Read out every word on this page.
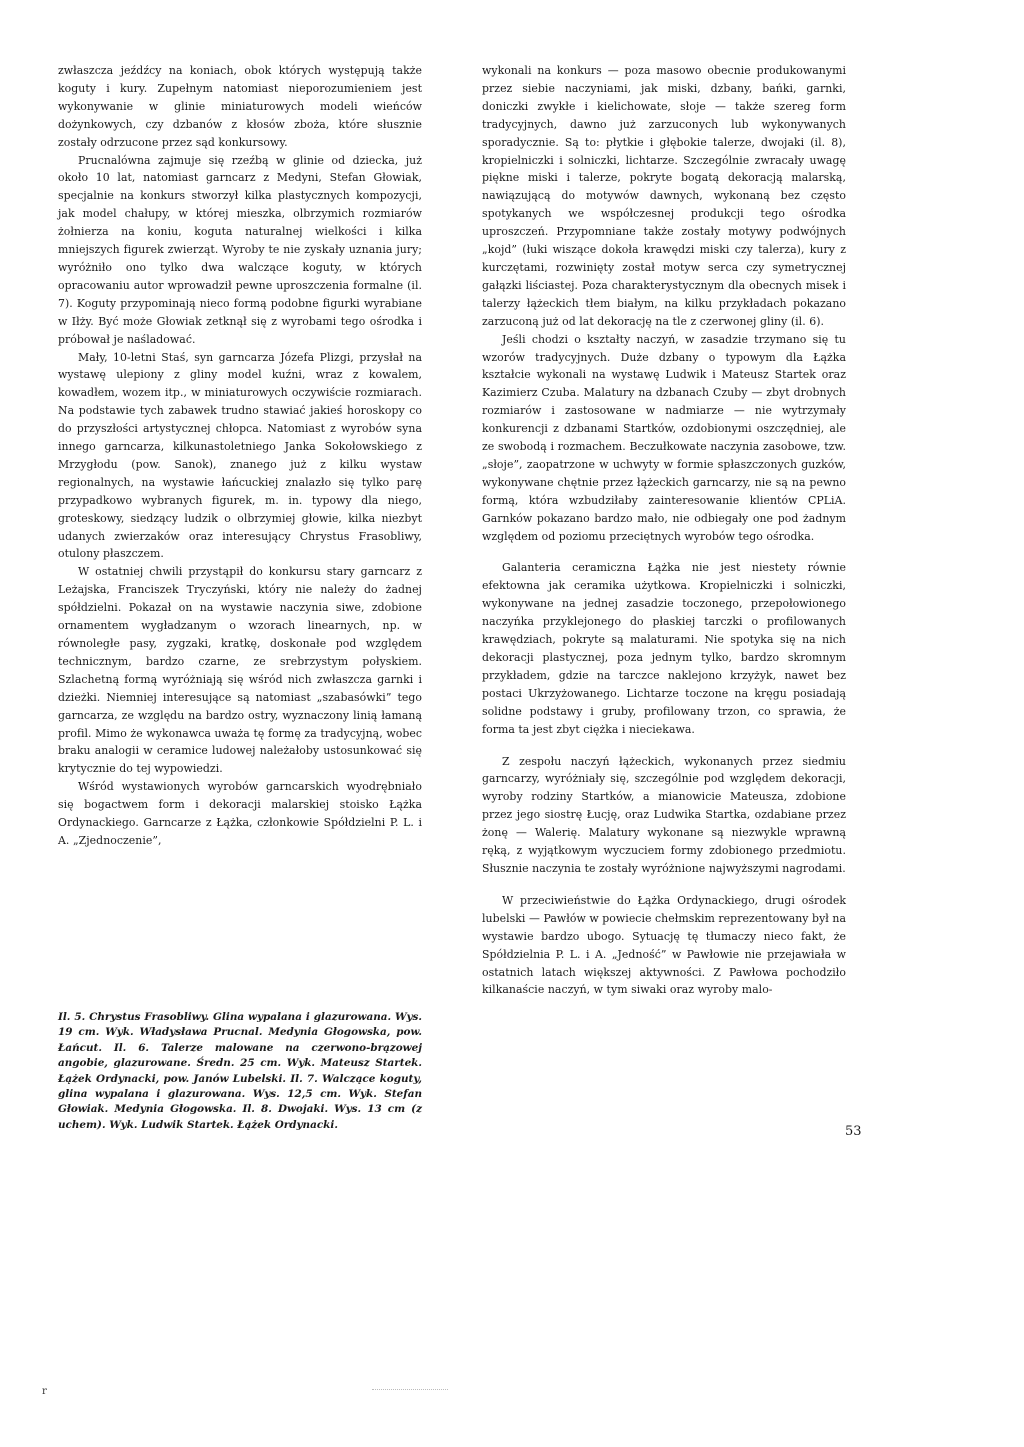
zwłaszcza jeźdźcy na koniach, obok których występują także koguty i kury. Zupełnym natomiast nieporozumieniem jest wykonywanie w glinie miniaturowych modeli wieńców dożynkowych, czy dzbanów z kłosów zboża, które słusznie zostały odrzucone przez sąd konkursowy.

Prucnalówna zajmuje się rzeźbą w glinie od dziecka, już około 10 lat, natomiast garncarz z Medyni, Stefan Głowiak, specjalnie na konkurs stworzył kilka plastycznych kompozycji, jak model chałupy, w której mieszka, olbrzymich rozmiarów żołnierza na koniu, koguta naturalnej wielkości i kilka mniejszych figurek zwierząt. Wyroby te nie zyskały uznania jury; wyróżniło ono tylko dwa walczące koguty, w których opracowaniu autor wprowadził pewne uproszczenia formalne (il. 7). Koguty przypominają nieco formą podobne figurki wyrabiane w Iłży. Być może Głowiak zetknął się z wyrobami tego ośrodka i próbował je naśladować.

Mały, 10-letni Staś, syn garncarza Józefa Plizgi, przysłał na wystawę ulepiony z gliny model kuźni, wraz z kowalem, kowadłem, wozem itp., w miniaturowych oczywiście rozmiarach. Na podstawie tych zabawek trudno stawiać jakieś horoskopy co do przyszłości artystycznej chłopca. Natomiast z wyrobów syna innego garncarza, kilkunastoletniego Janka Sokołowskiego z Mrzygłodu (pow. Sanok), znanego już z kilku wystaw regionalnych, na wystawie łańcuckiej znalazło się tylko parę przypadkowo wybranych figurek, m. in. typowy dla niego, groteskowy, siedzący ludzik o olbrzymiej głowie, kilka niezbyt udanych zwierzaków oraz interesujący Chrystus Frasobliwy, otulony płaszczem.

W ostatniej chwili przystąpił do konkursu stary garncarz z Leżajska, Franciszek Tryczyński, który nie należy do żadnej spółdzielni. Pokazał on na wystawie naczynia siwe, zdobione ornamentem wygładzanym o wzorach linearnych, np. w równoległe pasy, zygzaki, kratkę, doskonałe pod względem technicznym, bardzo czarne, ze srebrzystym połyskiem. Szlachetną formą wyróżniają się wśród nich zwłaszcza garnki i dzieżki. Niemniej interesujące są natomiast „szabasówki” tego garncarza, ze względu na bardzo ostry, wyznaczony linią łamaną profil. Mimo że wykonawca uważa tę formę za tradycyjną, wobec braku analogii w ceramice ludowej należałoby ustosunkować się krytycznie do tej wypowiedzi.

Wśród wystawionych wyrobów garncarskich wyodrębniało się bogactwem form i dekoracji malarskiej stoisko Łążka Ordynackiego. Garncarze z Łążka, członkowie Spółdzielni P. L. i A. „Zjednoczenie”,

Il. 5. Chrystus Frasobliwy. Glina wypalana i glazurowana. Wys. 19 cm. Wyk. Władysława Prucnal. Medynia Głogowska, pow. Łańcut. Il. 6. Talerze malowane na czerwono-brązowej angobie, glazurowane. Średn. 25 cm. Wyk. Mateusz Startek. Łążek Ordynacki, pow. Janów Lubelski. Il. 7. Walczące koguty, glina wypalana i glazurowana. Wys. 12,5 cm. Wyk. Stefan Głowiak. Medynia Głogowska. Il. 8. Dwojaki. Wys. 13 cm (z uchem). Wyk. Ludwik Startek. Łążek Ordynacki.

wykonali na konkurs — poza masowo obecnie produkowanymi przez siebie naczyniami, jak miski, dzbany, bańki, garnki, doniczki zwykłe i kielichowate, słoje — także szereg form tradycyjnych, dawno już zarzuconych lub wykonywanych sporadycznie. Są to: płytkie i głębokie talerze, dwojaki (il. 8), kropielniczki i solniczki, lichtarze. Szczególnie zwracały uwagę piękne miski i talerze, pokryte bogatą dekoracją malarską, nawiązującą do motywów dawnych, wykonaną bez często spotykanych we współczesnej produkcji tego ośrodka uproszczeń. Przypomniane także zostały motywy podwójnych „kojd” (łuki wiszące dokoła krawędzi miski czy talerza), kury z kurczętami, rozwinięty został motyw serca czy symetrycznej gałązki liściastej. Poza charakterystycznym dla obecnych misek i talerzy łążeckich tłem białym, na kilku przykładach pokazano zarzuconą już od lat dekorację na tle z czerwonej gliny (il. 6).

Jeśli chodzi o kształty naczyń, w zasadzie trzymano się tu wzorów tradycyjnych. Duże dzbany o typowym dla Łążka kształcie wykonali na wystawę Ludwik i Mateusz Startek oraz Kazimierz Czuba. Malatury na dzbanach Czuby — zbyt drobnych rozmiarów i zastosowane w nadmiarze — nie wytrzymały konkurencji z dzbanami Startków, ozdobionymi oszczędniej, ale ze swobodą i rozmachem. Beczułkowate naczynia zasobowe, tzw. „słoje”, zaopatrzone w uchwyty w formie spłaszczonych guzków, wykonywane chętnie przez łążeckich garncarzy, nie są na pewno formą, która wzbudziłaby zainteresowanie klientów CPLiA. Garnków pokazano bardzo mało, nie odbiegały one pod żadnym względem od poziomu przeciętnych wyrobów tego ośrodka.

Galanteria ceramiczna Łążka nie jest niestety równie efektowna jak ceramika użytkowa. Kropielniczki i solniczki, wykonywane na jednej zasadzie toczonego, przepołowionego naczyńka przyklejonego do płaskiej tarczki o profilowanych krawędziach, pokryte są malaturami. Nie spotyka się na nich dekoracji plastycznej, poza jednym tylko, bardzo skromnym przykładem, gdzie na tarczce naklejono krzyżyk, nawet bez postaci Ukrzyżowanego. Lichtarze toczone na kręgu posiadają solidne podstawy i gruby, profilowany trzon, co sprawia, że forma ta jest zbyt ciężka i nieciekawa.

Z zespołu naczyń łążeckich, wykonanych przez siedmiu garncarzy, wyróżniały się, szczególnie pod względem dekoracji, wyroby rodziny Startków, a mianowicie Mateusza, zdobione przez jego siostrę Łucję, oraz Ludwika Startka, ozdabiane przez żonę — Walerię. Malatury wykonane są niezwykle wprawną ręką, z wyjątkowym wyczuciem formy zdobionego przedmiotu. Słusznie naczynia te zostały wyróżnione najwyższymi nagrodami.

W przeciwieństwie do Łążka Ordynackiego, drugi ośrodek lubelski — Pawłów w powiecie chełmskim reprezentowany był na wystawie bardzo ubogo. Sytuację tę tłumaczy nieco fakt, że Spółdzielnia P. L. i A. „Jedność” w Pawłowie nie przejawiała w ostatnich latach większej aktywności. Z Pawłowa pochodziło kilkanaście naczyń, w tym siwaki oraz wyroby malo-

53
r
